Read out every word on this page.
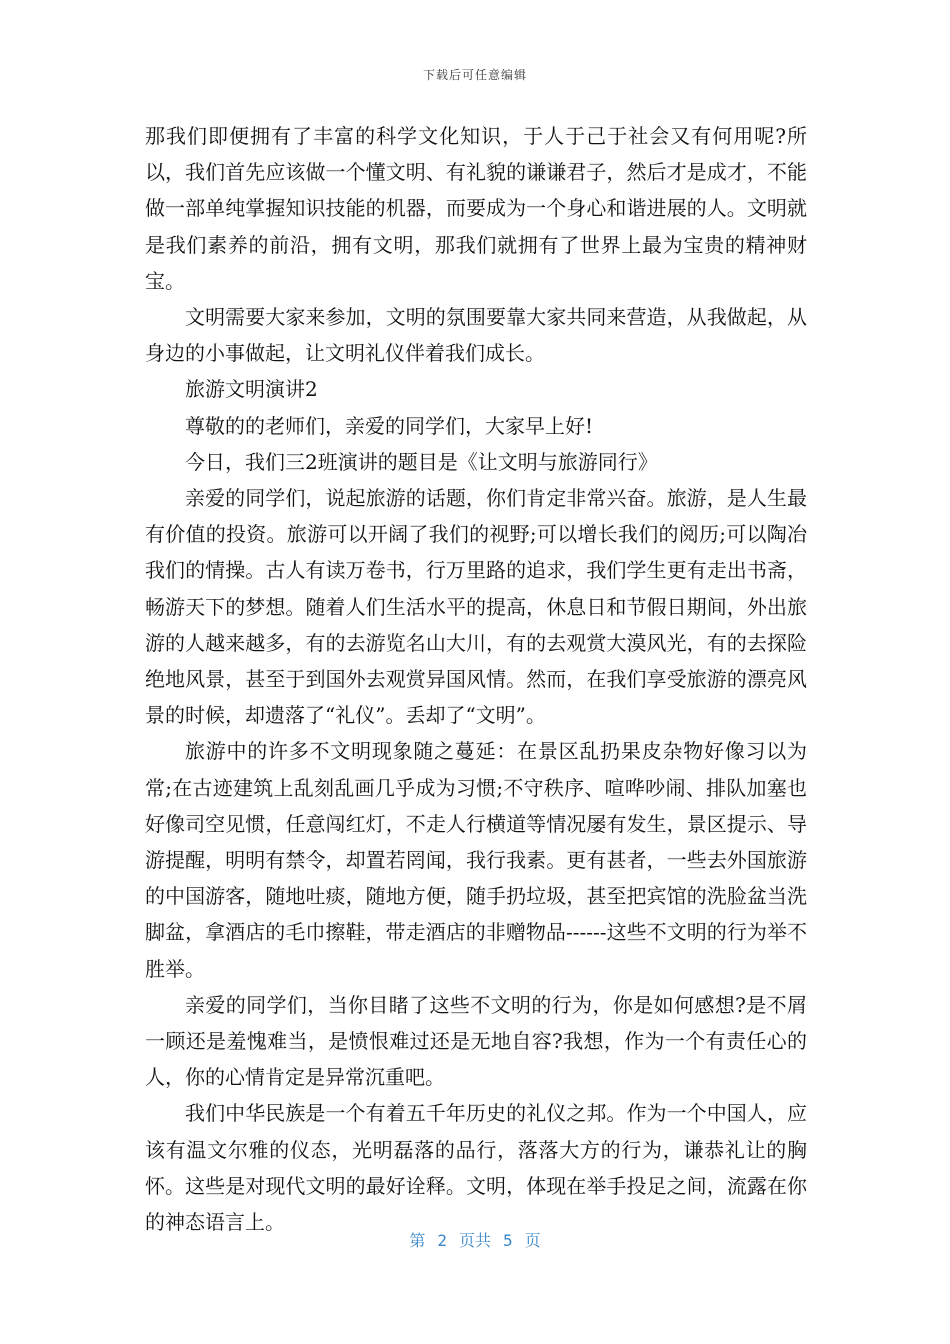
下载后可任意编辑

那我们即便拥有了丰富的科学文化知识，于人于己于社会又有何用呢?所以，我们首先应该做一个懂文明、有礼貌的谦谦君子，然后才是成才，不能做一部单纯掌握知识技能的机器，而要成为一个身心和谐进展的人。文明就是我们素养的前沿，拥有文明，那我们就拥有了世界上最为宝贵的精神财宝。

文明需要大家来参加，文明的氛围要靠大家共同来营造，从我做起，从身边的小事做起，让文明礼仪伴着我们成长。

旅游文明演讲2

尊敬的的老师们，亲爱的同学们，大家早上好!

今日，我们三2班演讲的题目是《让文明与旅游同行》

亲爱的同学们，说起旅游的话题，你们肯定非常兴奋。旅游，是人生最有价值的投资。旅游可以开阔了我们的视野;可以增长我们的阅历;可以陶冶我们的情操。古人有读万卷书，行万里路的追求，我们学生更有走出书斋，畅游天下的梦想。随着人们生活水平的提高，休息日和节假日期间，外出旅游的人越来越多，有的去游览名山大川，有的去观赏大漠风光，有的去探险绝地风景，甚至于到国外去观赏异国风情。然而，在我们享受旅游的漂亮风景的时候，却遗落了“礼仪”。丢却了“文明”。

旅游中的许多不文明现象随之蔓延：在景区乱扔果皮杂物好像习以为常;在古迹建筑上乱刻乱画几乎成为习惯;不守秩序、喧哗吵闹、排队加塞也好像司空见惯，任意闯红灯，不走人行横道等情况屡有发生，景区提示、导游提醒，明明有禁令，却置若罔闻，我行我素。更有甚者，一些去外国旅游的中国游客，随地吐痰，随地方便，随手扔垃圾，甚至把宾馆的洗脸盆当洗脚盆，拿酒店的毛巾擦鞋，带走酒店的非赠物品------这些不文明的行为举不胜举。

亲爱的同学们，当你目睹了这些不文明的行为，你是如何感想?是不屑一顾还是羞愧难当，是愤恨难过还是无地自容?我想，作为一个有责任心的人，你的心情肯定是异常沉重吧。

我们中华民族是一个有着五千年历史的礼仪之邦。作为一个中国人，应该有温文尔雅的仪态，光明磊落的品行，落落大方的行为，谦恭礼让的胸怀。这些是对现代文明的最好诠释。文明，体现在举手投足之间，流露在你的神态语言上。

第 2 页共 5 页
